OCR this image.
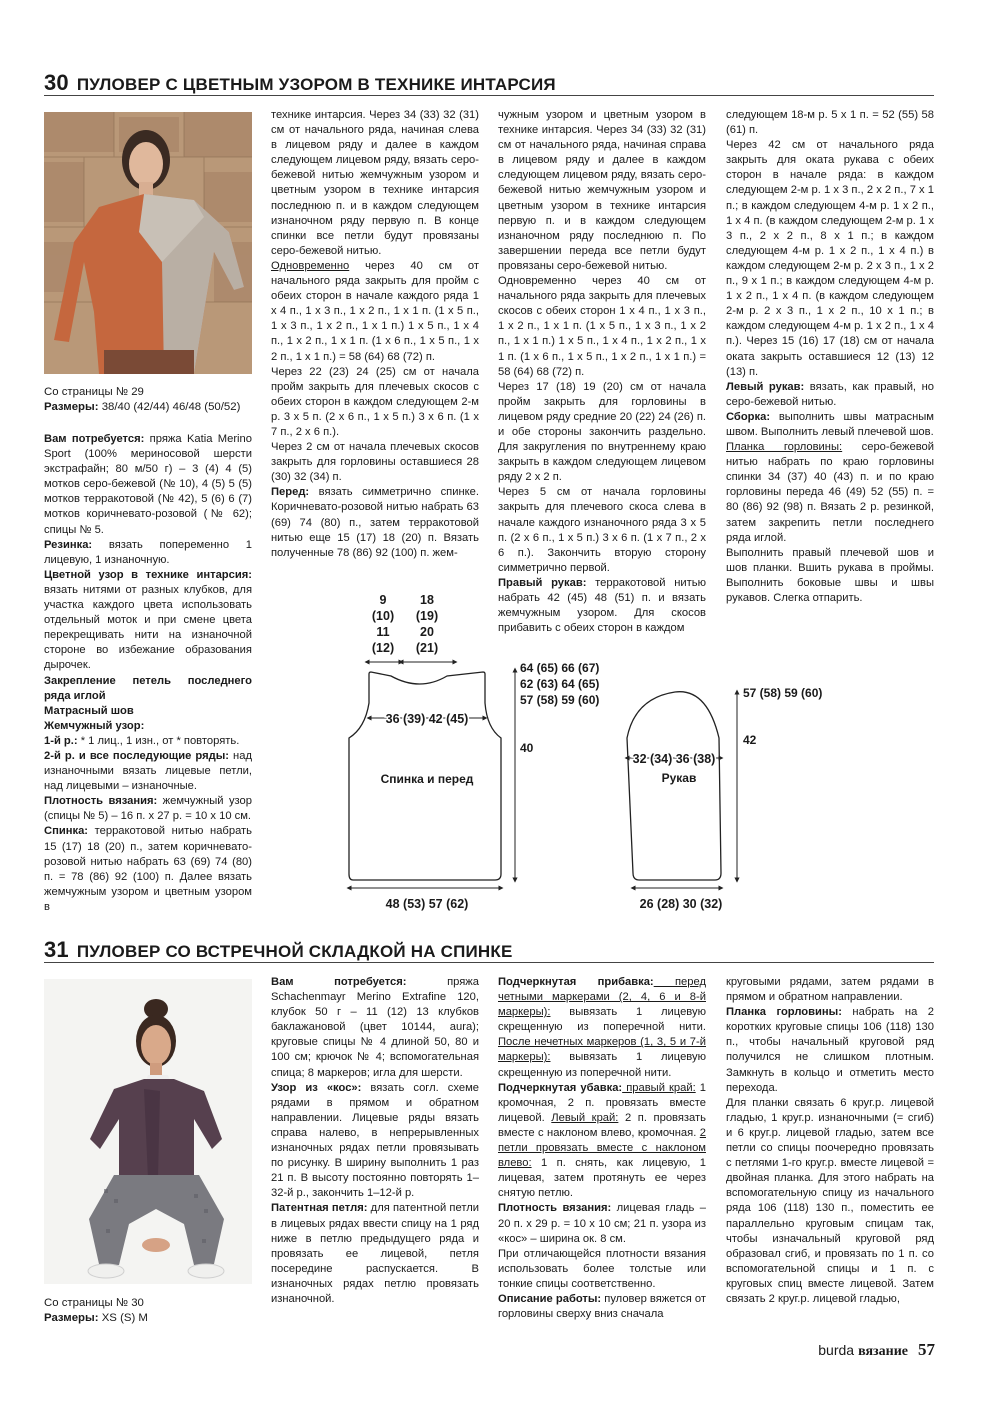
30 ПУЛОВЕР С ЦВЕТНЫМ УЗОРОМ В ТЕХНИКЕ ИНТАРСИЯ
Со страницы № 29
Размеры: 38/40 (42/44) 46/48 (50/52)

Вам потребуется: пряжа Katia Merino Sport (100% мериносовой шерсти экстрафайн; 80 м/50 г) – 3 (4) 4 (5) мотков серо-бежевой (№ 10), 4 (5) 5 (5) мотков терракотовой (№ 42), 5 (6) 6 (7) мотков коричневато-розовой (№ 62); спицы № 5.

Резинка: вязать попеременно 1 лицевую, 1 изнаночную.

Цветной узор в технике интарсия: вязать нитями от разных клубков, для участка каждого цвета использовать отдельный моток и при смене цвета перекрещивать нити на изнаночной стороне во избежание образования дырочек.

Закрепление петель последнего ряда иглой

Матрасный шов

Жемчужный узор:

1-й р.: * 1 лиц., 1 изн., от * повторять.

2-й р. и все последующие ряды: над изнаночными вязать лицевые петли, над лицевыми – изнаночные.

Плотность вязания: жемчужный узор (спицы № 5) – 16 п. х 27 р. = 10 х 10 см.

Спинка: терракотовой нитью набрать 15 (17) 18 (20) п., затем коричневато-розовой нитью набрать 63 (69) 74 (80) п. = 78 (86) 92 (100) п. Далее вязать жемчужным узором и цветным узором в

технике интарсия. Через 34 (33) 32 (31) см от начального ряда, начиная слева в лицевом ряду и далее в каждом следующем лицевом ряду, вязать серо-бежевой нитью жемчужным узором и цветным узором в технике интарсия последнюю п. и в каждом следующем изнаночном ряду первую п. В конце спинки все петли будут провязаны серо-бежевой нитью.

Одновременно через 40 см от начального ряда закрыть для пройм с обеих сторон в начале каждого ряда 1 х 4 п., 1 х 3 п., 1 х 2 п., 1 х 1 п. (1 х 5 п., 1 х 3 п., 1 х 2 п., 1 х 1 п.) 1 х 5 п., 1 х 4 п., 1 х 2 п., 1 х 1 п. (1 х 6 п., 1 х 5 п., 1 х 2 п., 1 х 1 п.) = 58 (64) 68 (72) п.

Через 22 (23) 24 (25) см от начала пройм закрыть для плечевых скосов с обеих сторон в каждом следующем 2-м р. 3 х 5 п. (2 х 6 п., 1 х 5 п.) 3 х 6 п. (1 х 7 п., 2 х 6 п.).

Через 2 см от начала плечевых скосов закрыть для горловины оставшиеся 28 (30) 32 (34) п.

Перед: вязать симметрично спинке. Коричневато-розовой нитью набрать 63 (69) 74 (80) п., затем терракотовой нитью еще 15 (17) 18 (20) п. Вязать полученные 78 (86) 92 (100) п. жем-

чужным узором и цветным узором в технике интарсия. Через 34 (33) 32 (31) см от начального ряда, начиная справа в лицевом ряду и далее в каждом следующем лицевом ряду, вязать серо-бежевой нитью жемчужным узором и цветным узором в технике интарсия первую п. и в каждом следующем изнаночном ряду последнюю п. По завершении переда все петли будут провязаны серо-бежевой нитью.

Одновременно через 40 см от начального ряда закрыть для плечевых скосов с обеих сторон 1 х 4 п., 1 х 3 п., 1 х 2 п., 1 х 1 п. (1 х 5 п., 1 х 3 п., 1 х 2 п., 1 х 1 п.) 1 х 5 п., 1 х 4 п., 1 х 2 п., 1 х 1 п. (1 х 6 п., 1 х 5 п., 1 х 2 п., 1 х 1 п.) = 58 (64) 68 (72) п.

Через 17 (18) 19 (20) см от начала пройм закрыть для горловины в лицевом ряду средние 20 (22) 24 (26) п. и обе стороны закончить раздельно. Для закругления по внутреннему краю закрыть в каждом следующем лицевом ряду 2 х 2 п.

Через 5 см от начала горловины закрыть для плечевого скоса слева в начале каждого изнаночного ряда 3 х 5 п. (2 х 6 п., 1 х 5 п.) 3 х 6 п. (1 х 7 п., 2 х 6 п.). Закончить вторую сторону симметрично первой.

Правый рукав: терракотовой нитью набрать 42 (45) 48 (51) п. и вязать жемчужным узором. Для скосов прибавить с обеих сторон в каждом

следующем 18-м р. 5 х 1 п. = 52 (55) 58 (61) п.

Через 42 см от начального ряда закрыть для оката рукава с обеих сторон в начале ряда: в каждом следующем 2-м р. 1 х 3 п., 2 х 2 п., 7 х 1 п.; в каждом следующем 4-м р. 1 х 2 п., 1 х 4 п. (в каждом следующем 2-м р. 1 х 3 п., 2 х 2 п., 8 х 1 п.; в каждом следующем 4-м р. 1 х 2 п., 1 х 4 п.) в каждом следующем 2-м р. 2 х 3 п., 1 х 2 п., 9 х 1 п.; в каждом следующем 4-м р. 1 х 2 п., 1 х 4 п. (в каждом следующем 2-м р. 2 х 3 п., 1 х 2 п., 10 х 1 п.; в каждом следующем 4-м р. 1 х 2 п., 1 х 4 п.). Через 15 (16) 17 (18) см от начала оката закрыть оставшиеся 12 (13) 12 (13) п.

Левый рукав: вязать, как правый, но серо-бежевой нитью.

Сборка: выполнить швы матрасным швом. Выполнить левый плечевой шов.

Планка горловины: серо-бежевой нитью набрать по краю горловины спинки 34 (37) 40 (43) п. и по краю горловины переда 46 (49) 52 (55) п. = 80 (86) 92 (98) п. Вязать 2 р. резинкой, затем закрепить петли последнего ряда иглой.

Выполнить правый плечевой шов и шов планки. Вшить рукава в проймы. Выполнить боковые швы и швы рукавов. Слегка отпарить.

9
(10)
11
(12)
18
(19)
20
(21)
36 (39) 42 (45)
Спинка и перед
48 (53) 57 (62)
64 (65) 66 (67)
62 (63) 64 (65)
57 (58) 59 (60)
40
32 (34) 36 (38)
Рукав
26 (28) 30 (32)
57 (58) 59 (60)
42
31 ПУЛОВЕР СО ВСТРЕЧНОЙ СКЛАДКОЙ НА СПИНКЕ
Со страницы № 30
Размеры: XS (S) M

Вам потребуется: пряжа Schachenmayr Merino Extrafine 120, клубок 50 г – 11 (12) 13 клубков баклажановой (цвет 10144, aura); круговые спицы № 4 длиной 50, 80 и 100 см; крючок № 4; вспомогательная спица; 8 маркеров; игла для шерсти.

Узор из «кос»: вязать согл. схеме рядами в прямом и обратном направлении. Лицевые ряды вязать справа налево, в непрерывленных изнаночных рядах петли провязывать по рисунку. В ширину выполнить 1 раз 21 п. В высоту постоянно повторять 1–32-й р., закончить 1–12-й р.

Патентная петля: для патентной петли в лицевых рядах ввести спицу на 1 ряд ниже в петлю предыдущего ряда и провязать ее лицевой, петля посередине распускается. В изнаночных рядах петлю провязать изнаночной.

Подчеркнутая прибавка: перед четными маркерами (2, 4, 6 и 8-й маркеры): вывязать 1 лицевую скрещенную из поперечной нити. После нечетных маркеров (1, 3, 5 и 7-й маркеры): вывязать 1 лицевую скрещенную из поперечной нити.

Подчеркнутая убавка: правый край: 1 кромочная, 2 п. провязать вместе лицевой. Левый край: 2 п. провязать вместе с наклоном влево, кромочная. 2 петли провязать вместе с наклоном влево: 1 п. снять, как лицевую, 1 лицевая, затем протянуть ее через снятую петлю.

Плотность вязания: лицевая гладь – 20 п. х 29 р. = 10 х 10 см; 21 п. узора из «кос» – ширина ок. 8 см.

При отличающейся плотности вязания использовать более толстые или тонкие спицы соответственно.

Описание работы: пуловер вяжется от горловины сверху вниз сначала

круговыми рядами, затем рядами в прямом и обратном направлении.

Планка горловины: набрать на 2 коротких круговые спицы 106 (118) 130 п., чтобы начальный круговой ряд получился не слишком плотным. Замкнуть в кольцо и отметить место перехода.

Для планки связать 6 круг.р. лицевой гладью, 1 круг.р. изнаночными (= сгиб) и 6 круг.р. лицевой гладью, затем все петли со спицы поочередно провязать с петлями 1-го круг.р. вместе лицевой = двойная планка. Для этого набрать на вспомогательную спицу из начального ряда 106 (118) 130 п., поместить ее параллельно круговым спицам так, чтобы изначальный круговой ряд образовал сгиб, и провязать по 1 п. со вспомогательной спицы и 1 п. с круговых спиц вместе лицевой. Затем связать 2 круг.р. лицевой гладью,

burda вязание 57
